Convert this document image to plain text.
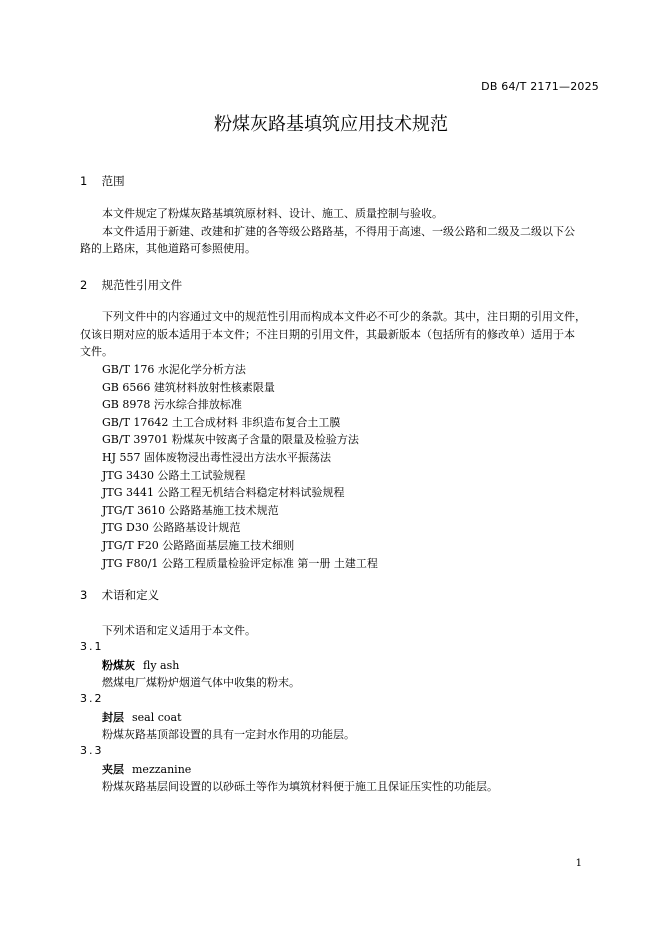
DB 64/T 2171—2025
粉煤灰路基填筑应用技术规范
1 范围
本文件规定了粉煤灰路基填筑原材料、设计、施工、质量控制与验收。
本文件适用于新建、改建和扩建的各等级公路路基，不得用于高速、一级公路和二级及二级以下公
路的上路床，其他道路可参照使用。
2 规范性引用文件
下列文件中的内容通过文中的规范性引用而构成本文件必不可少的条款。其中，注日期的引用文件，
仅该日期对应的版本适用于本文件；不注日期的引用文件，其最新版本（包括所有的修改单）适用于本
文件。
GB/T 176 水泥化学分析方法
GB 6566 建筑材料放射性核素限量
GB 8978 污水综合排放标准
GB/T 17642 土工合成材料 非织造布复合土工膜
GB/T 39701 粉煤灰中铵离子含量的限量及检验方法
HJ 557 固体废物浸出毒性浸出方法水平振荡法
JTG 3430 公路土工试验规程
JTG 3441 公路工程无机结合料稳定材料试验规程
JTG/T 3610 公路路基施工技术规范
JTG D30 公路路基设计规范
JTG/T F20 公路路面基层施工技术细则
JTG F80/1 公路工程质量检验评定标准 第一册 土建工程
3 术语和定义
下列术语和定义适用于本文件。
3.1
粉煤灰 fly ash
燃煤电厂煤粉炉烟道气体中收集的粉末。
3.2
封层 seal coat
粉煤灰路基顶部设置的具有一定封水作用的功能层。
3.3
夹层 mezzanine
粉煤灰路基层间设置的以砂砾土等作为填筑材料便于施工且保证压实性的功能层。
1
